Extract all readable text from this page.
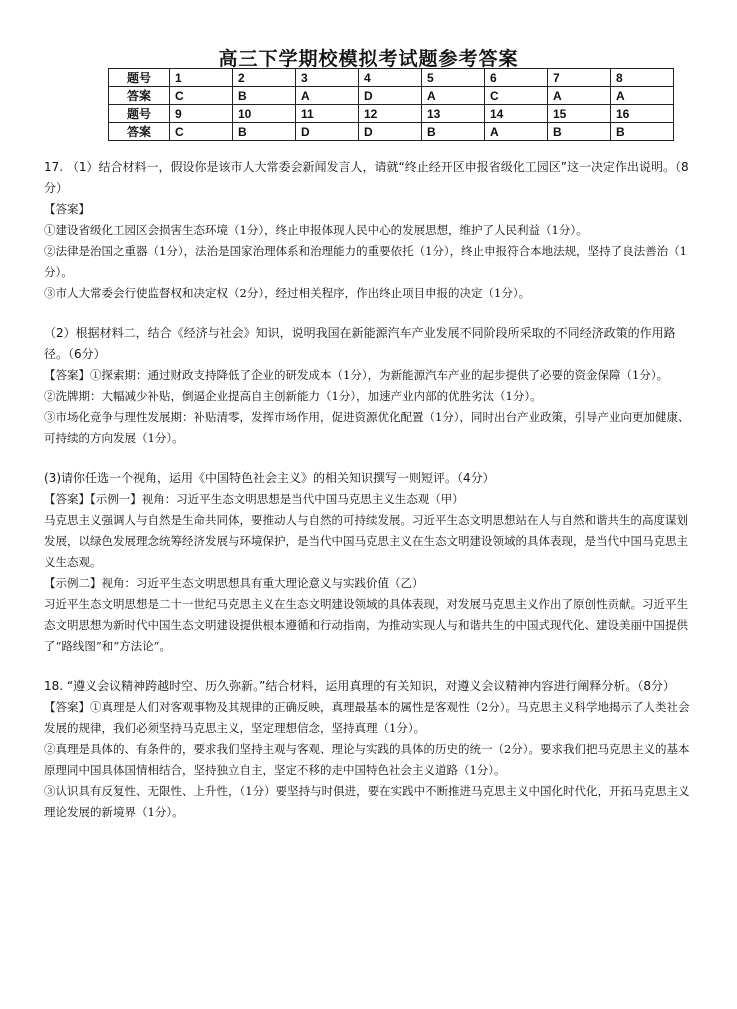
高三下学期校模拟考试题参考答案
题号	1	2	3	4	5	6	7	8
答案	C	B	A	D	A	C	A	A
题号	9	10	11	12	13	14	15	16
答案	C	B	D	D	B	A	B	B

17. （1）结合材料一，假设你是该市人大常委会新闻发言人，请就“终止经开区申报省级化工园区”这一决定作出说明。（8分）

【答案】

①建设省级化工园区会损害生态环境（1分），终止申报体现人民中心的发展思想，维护了人民利益（1分）。

②法律是治国之重器（1分），法治是国家治理体系和治理能力的重要依托（1分），终止申报符合本地法规，坚持了良法善治（1分）。

③市人大常委会行使监督权和决定权（2分），经过相关程序，作出终止项目申报的决定（1分）。

（2）根据材料二，结合《经济与社会》知识，说明我国在新能源汽车产业发展不同阶段所采取的不同经济政策的作用路径。（6分）

【答案】①探索期：通过财政支持降低了企业的研发成本（1分），为新能源汽车产业的起步提供了必要的资金保障（1分）。

②洗牌期：大幅减少补贴，倒逼企业提高自主创新能力（1分），加速产业内部的优胜劣汰（1分）。

③市场化竞争与理性发展期：补贴清零，发挥市场作用，促进资源优化配置（1分），同时出台产业政策，引导产业向更加健康、可持续的方向发展（1分）。

(3)请你任选一个视角，运用《中国特色社会主义》的相关知识撰写一则短评。（4分）

【答案】【示例一】视角：习近平生态文明思想是当代中国马克思主义生态观（甲）

马克思主义强调人与自然是生命共同体，要推动人与自然的可持续发展。习近平生态文明思想站在人与自然和谐共生的高度谋划发展，以绿色发展理念统筹经济发展与环境保护，是当代中国马克思主义在生态文明建设领域的具体表现，是当代中国马克思主义生态观。

【示例二】视角：习近平生态文明思想具有重大理论意义与实践价值（乙）

习近平生态文明思想是二十一世纪马克思主义在生态文明建设领域的具体表现，对发展马克思主义作出了原创性贡献。习近平生态文明思想为新时代中国生态文明建设提供根本遵循和行动指南，为推动实现人与和谐共生的中国式现代化、建设美丽中国提供了“路线图”和“方法论”。

18. “遵义会议精神跨越时空、历久弥新。”结合材料，运用真理的有关知识，对遵义会议精神内容进行阐释分析。（8分）

【答案】①真理是人们对客观事物及其规律的正确反映，真理最基本的属性是客观性（2分）。马克思主义科学地揭示了人类社会发展的规律，我们必须坚持马克思主义，坚定理想信念，坚持真理（1分）。

②真理是具体的、有条件的，要求我们坚持主观与客观、理论与实践的具体的历史的统一（2分）。要求我们把马克思主义的基本原理同中国具体国情相结合，坚持独立自主，坚定不移的走中国特色社会主义道路（1分）。

③认识具有反复性、无限性、上升性，（1分）要坚持与时俱进，要在实践中不断推进马克思主义中国化时代化，开拓马克思主义理论发展的新境界（1分）。
